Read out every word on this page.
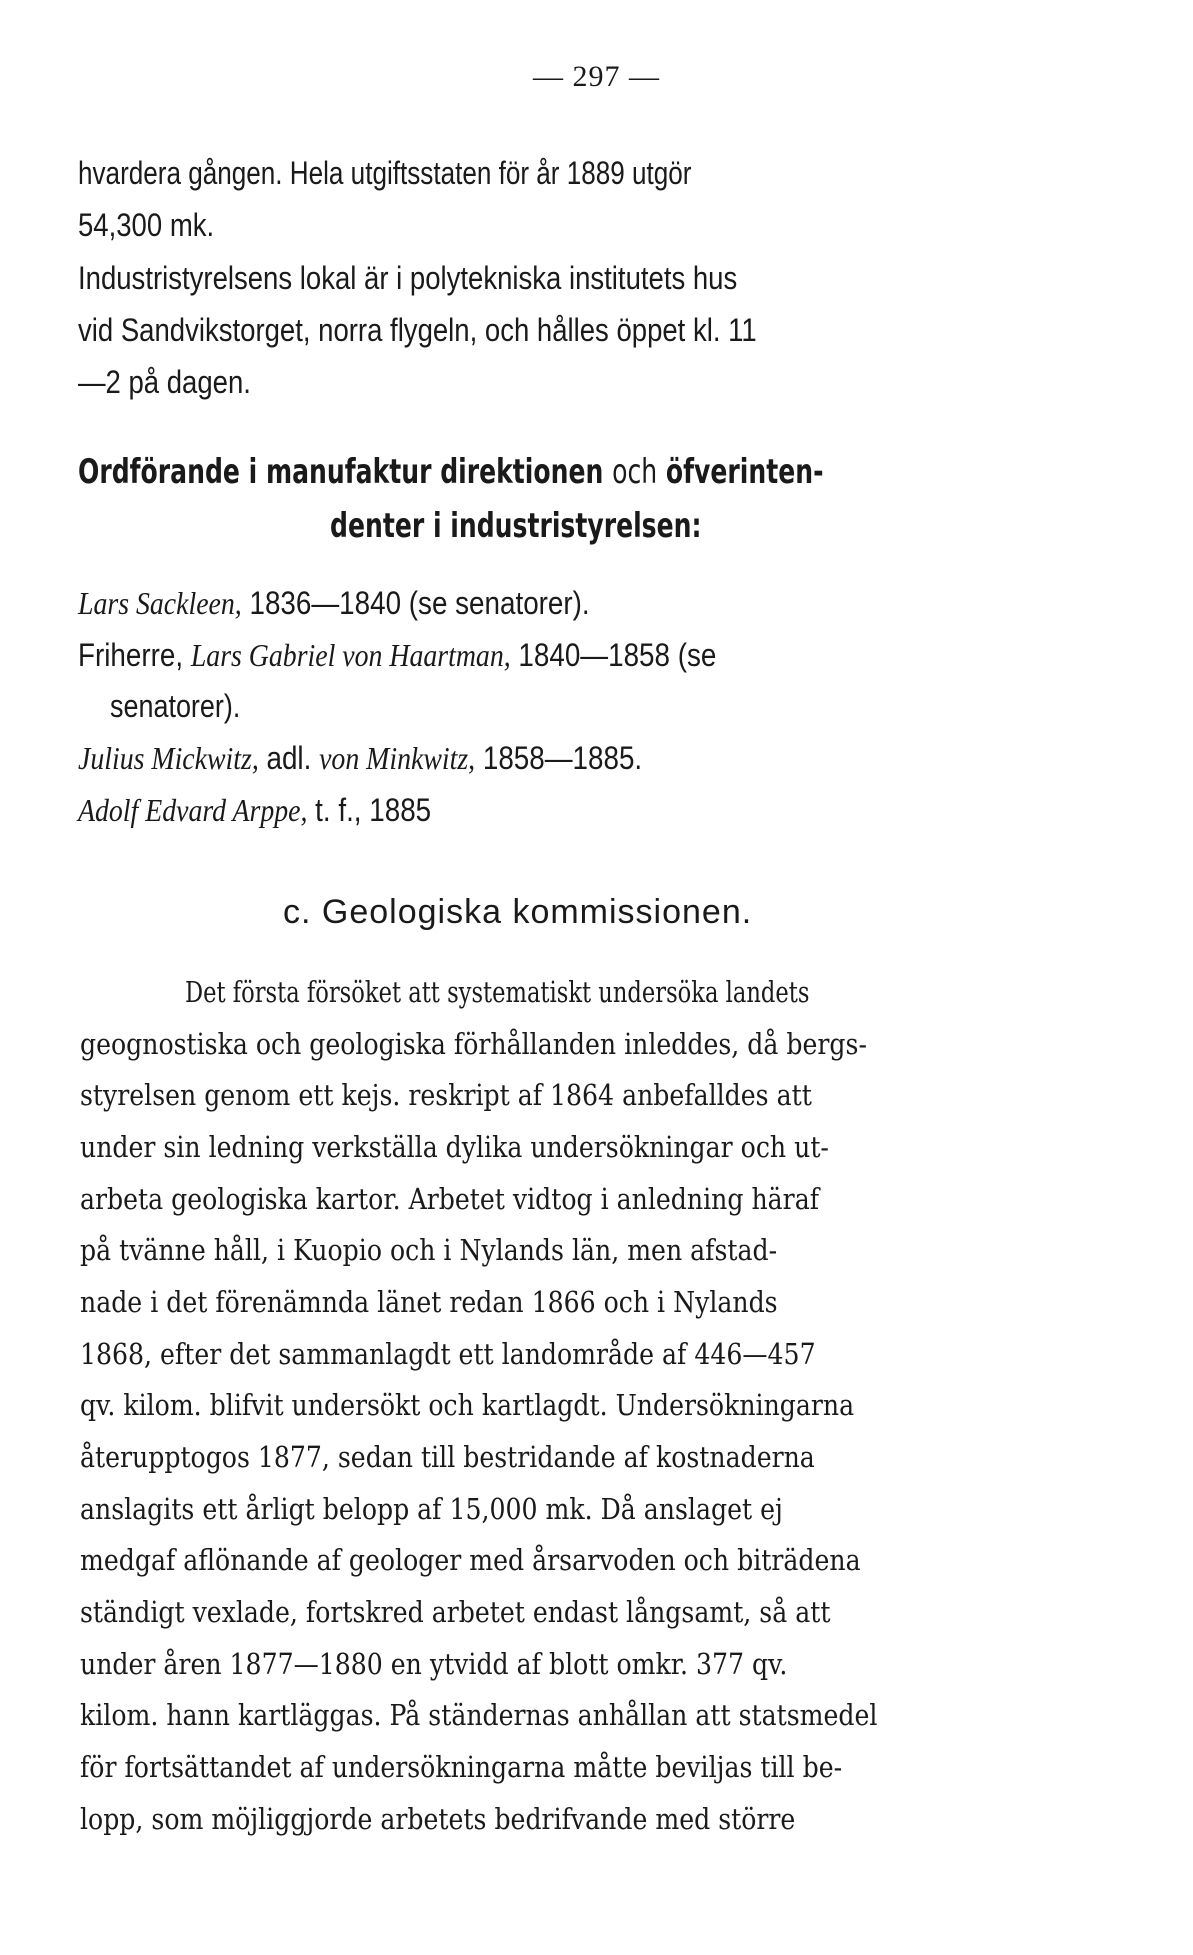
— 297 —
hvardera gången. Hela utgiftsstaten för år 1889 utgör
54,300 mk.
Industristyrelsens lokal är i polytekniska institutets hus
vid Sandvikstorget, norra flygeln, och hålles öppet kl. 11
—2 på dagen.
Ordförande i manufaktur direktionen och öfverinten-
denter i industristyrelsen:
Lars Sackleen, 1836—1840 (se senatorer).
Friherre, Lars Gabriel von Haartman, 1840—1858 (se
senatorer).
Julius Mickwitz, adl. von Minkwitz, 1858—1885.
Adolf Edvard Arppe, t. f., 1885
c. Geologiska kommissionen.
Det första försöket att systematiskt undersöka landets
geognostiska och geologiska förhållanden inleddes, då bergs-
styrelsen genom ett kejs. reskript af 1864 anbefalldes att
under sin ledning verkställa dylika undersökningar och ut-
arbeta geologiska kartor. Arbetet vidtog i anledning häraf
på tvänne håll, i Kuopio och i Nylands län, men afstad-
nade i det förenämnda länet redan 1866 och i Nylands
1868, efter det sammanlagdt ett landområde af 446—457
qv. kilom. blifvit undersökt och kartlagdt. Undersökningarna
återupptogos 1877, sedan till bestridande af kostnaderna
anslagits ett årligt belopp af 15,000 mk. Då anslaget ej
medgaf aflönande af geologer med årsarvoden och biträdena
ständigt vexlade, fortskred arbetet endast långsamt, så att
under åren 1877—1880 en ytvidd af blott omkr. 377 qv.
kilom. hann kartläggas. På ständernas anhållan att statsmedel
för fortsättandet af undersökningarna måtte beviljas till be-
lopp, som möjliggjorde arbetets bedrifvande med större
